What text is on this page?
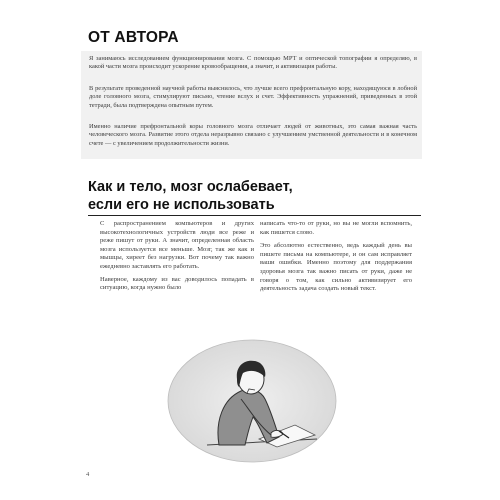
ОТ АВТОРА

Я занимаюсь исследованием функционирования мозга. С помощью МРТ и оптической топографии я определяю, в какой части мозга происходит ускорение кровообращения, а значит, и активизация работы.

В результате проведенной научной работы выяснилось, что лучше всего префронтальную кору, находящуюся в лобной доле головного мозга, стимулируют письмо, чтение вслух и счет. Эффективность упражнений, приведенных в этой тетради, была подтверждена опытным путем.

Именно наличие префронтальной коры головного мозга отличает людей от животных, это самая важная часть человеческого мозга. Развитие этого отдела неразрывно связано с улучшением умственной деятельности и в конечном счете — с увеличением продолжительности жизни.

Как и тело, мозг ослабевает, если его не использовать

С распространением компьютеров и других высокотехнологичных устройств люди все реже и реже пишут от руки. А значит, определенная область мозга используется все меньше. Мозг, так же как и мышцы, хиреет без нагрузки. Вот почему так важно ежедневно заставлять его работать.

Наверное, каждому из вас доводилось попадать в ситуацию, когда нужно было

написать что-то от руки, но вы не могли вспомнить, как пишется слово.

Это абсолютно естественно, ведь каждый день вы пишете письма на компьютере, и он сам исправляет ваши ошибки. Именно поэтому для поддержания здоровья мозга так важно писать от руки, даже не говоря о том, как сильно активизирует его деятельность задача создать новый текст.

4
